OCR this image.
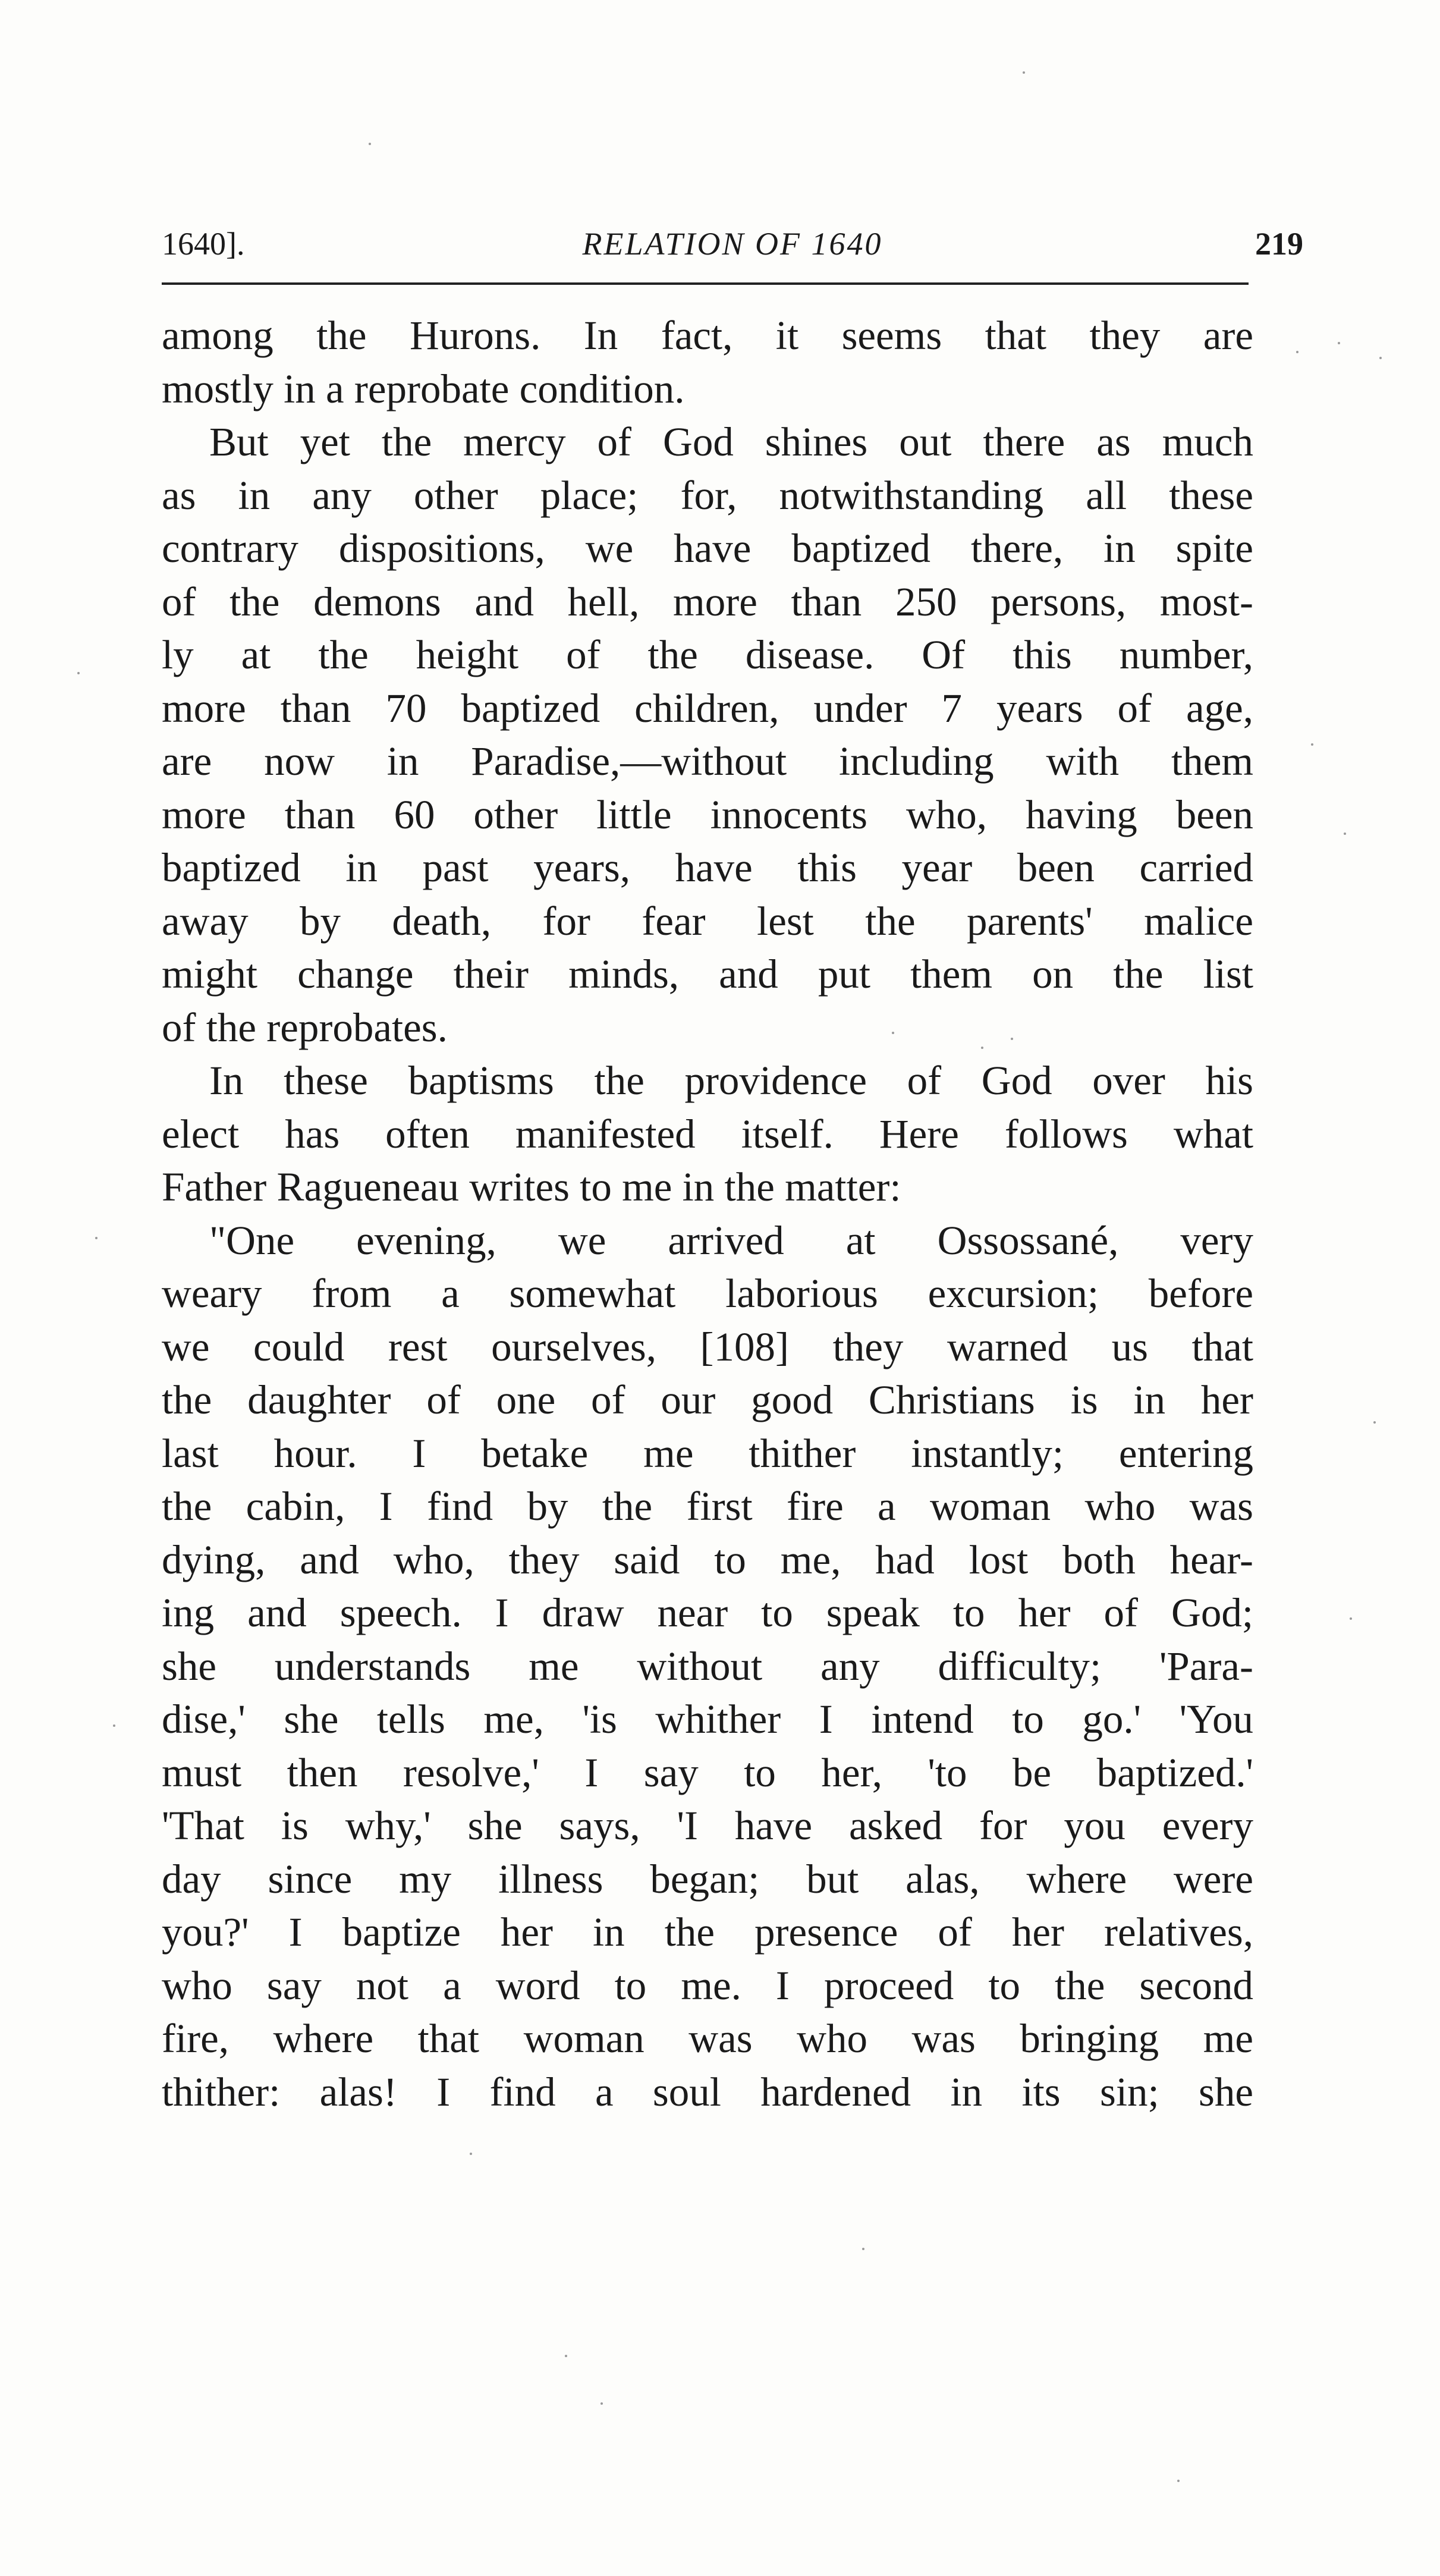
1640].	RELATION OF 1640	219
among the Hurons. In fact, it seems that they are
mostly in a reprobate condition.
But yet the mercy of God shines out there as much
as in any other place; for, notwithstanding all these
contrary dispositions, we have baptized there, in spite
of the demons and hell, more than 250 persons, most-
ly at the height of the disease. Of this number,
more than 70 baptized children, under 7 years of age,
are now in Paradise,—without including with them
more than 60 other little innocents who, having been
baptized in past years, have this year been carried
away by death, for fear lest the parents' malice
might change their minds, and put them on the list
of the reprobates.
In these baptisms the providence of God over his
elect has often manifested itself. Here follows what
Father Ragueneau writes to me in the matter:
"One evening, we arrived at Ossossané, very
weary from a somewhat laborious excursion; before
we could rest ourselves, [108] they warned us that
the daughter of one of our good Christians is in her
last hour. I betake me thither instantly; entering
the cabin, I find by the first fire a woman who was
dying, and who, they said to me, had lost both hear-
ing and speech. I draw near to speak to her of God;
she understands me without any difficulty; 'Para-
dise,' she tells me, 'is whither I intend to go.' 'You
must then resolve,' I say to her, 'to be baptized.'
'That is why,' she says, 'I have asked for you every
day since my illness began; but alas, where were
you?' I baptize her in the presence of her relatives,
who say not a word to me. I proceed to the second
fire, where that woman was who was bringing me
thither: alas! I find a soul hardened in its sin; she
